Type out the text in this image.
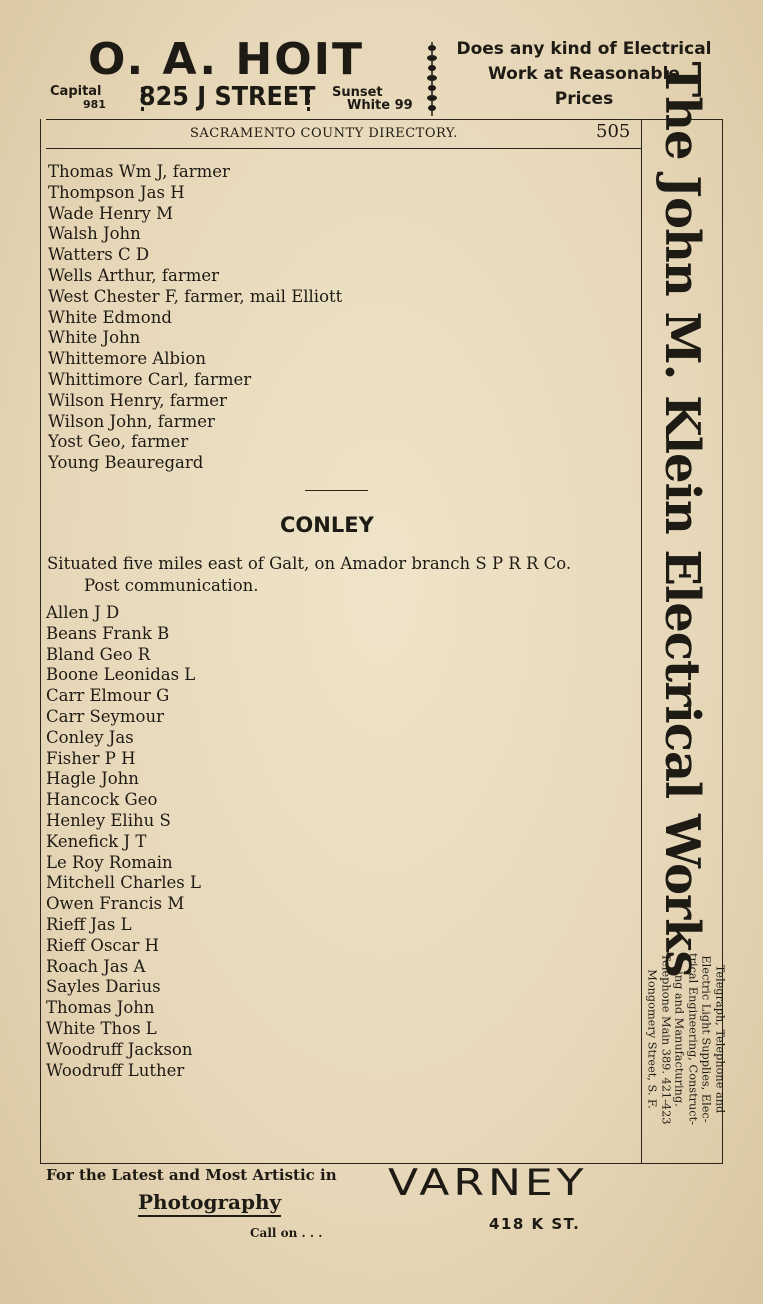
O. A. HOIT
Capital
981 825 J STREET Sunset
White 99
Does any kind of Electrical
Work at Reasonable
Prices
SACRAMENTO COUNTY DIRECTORY.	505
Thomas Wm J, farmer
Thompson Jas H
Wade Henry M
Walsh John
Watters C D
Wells Arthur, farmer
West Chester F, farmer, mail Elliott
White Edmond
White John
Whittemore Albion
Whittimore Carl, farmer
Wilson Henry, farmer
Wilson John, farmer
Yost Geo, farmer
Young Beauregard
CONLEY
Situated five miles east of Galt, on Amador branch S P R R Co.
Post communication.
Allen J D
Beans Frank B
Bland Geo R
Boone Leonidas L
Carr Elmour G
Carr Seymour
Conley Jas
Fisher P H
Hagle John
Hancock Geo
Henley Elihu S
Kenefick J T
Le Roy Romain
Mitchell Charles L
Owen Francis M
Rieff Jas L
Rieff Oscar H
Roach Jas A
Sayles Darius
Thomas John
White Thos L
Woodruff Jackson
Woodruff Luther
The John M. Klein Electrical Works
Telegraph, Telephone and
Electric Light Supplies, Elec-
trical Engineering, Construct-
ing and Manufacturing.
Telephone Main 389. 421-423
Mongomery Street, S. F.
For the Latest and Most Artistic in
Photography
Call on . . .
VARNEY
418 K ST.
